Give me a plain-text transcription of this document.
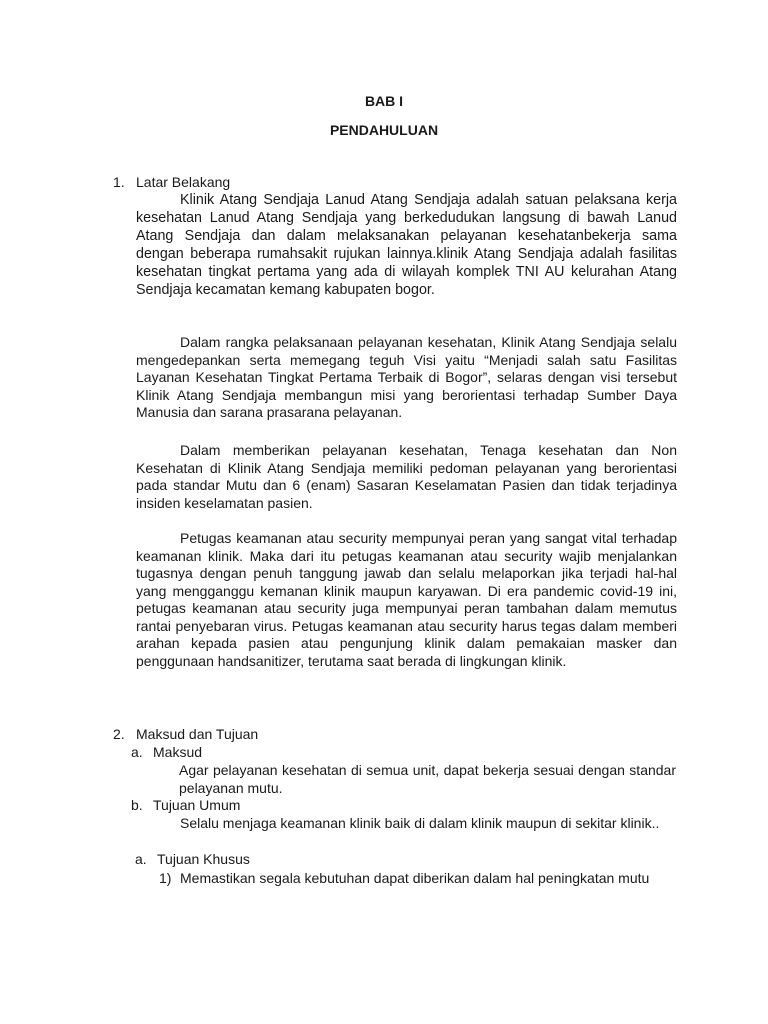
BAB I
PENDAHULUAN
1. Latar Belakang
Klinik Atang Sendjaja Lanud Atang Sendjaja adalah satuan pelaksana kerja kesehatan Lanud Atang Sendjaja yang berkedudukan langsung di bawah Lanud Atang Sendjaja dan dalam melaksanakan pelayanan kesehatanbekerja sama dengan beberapa rumahsakit rujukan lainnya.klinik Atang Sendjaja adalah fasilitas kesehatan tingkat pertama yang ada di wilayah komplek TNI AU kelurahan Atang Sendjaja kecamatan kemang kabupaten bogor.
Dalam rangka pelaksanaan pelayanan kesehatan, Klinik Atang Sendjaja selalu mengedepankan serta memegang teguh Visi yaitu “Menjadi salah satu Fasilitas Layanan Kesehatan Tingkat Pertama Terbaik di Bogor”, selaras dengan visi tersebut Klinik Atang Sendjaja membangun misi yang berorientasi terhadap Sumber Daya Manusia dan sarana prasarana pelayanan.
Dalam memberikan pelayanan kesehatan, Tenaga kesehatan dan Non Kesehatan di Klinik Atang Sendjaja memiliki pedoman pelayanan yang berorientasi pada standar Mutu dan 6 (enam) Sasaran Keselamatan Pasien dan tidak terjadinya insiden keselamatan pasien.
Petugas keamanan atau security mempunyai peran yang sangat vital terhadap keamanan klinik. Maka dari itu petugas keamanan atau security wajib menjalankan tugasnya dengan penuh tanggung jawab dan selalu melaporkan jika terjadi hal-hal yang mengganggu kemanan klinik maupun karyawan. Di era pandemic covid-19 ini, petugas keamanan atau security juga mempunyai peran tambahan dalam memutus rantai penyebaran virus. Petugas keamanan atau security harus tegas dalam memberi arahan kepada pasien atau pengunjung klinik dalam pemakaian masker dan penggunaan handsanitizer, terutama saat berada di lingkungan klinik.
2. Maksud dan Tujuan
a. Maksud
Agar pelayanan kesehatan di semua unit, dapat bekerja sesuai dengan standar pelayanan mutu.
b. Tujuan Umum
Selalu menjaga keamanan klinik baik di dalam klinik maupun di sekitar klinik..
a. Tujuan Khusus
1) Memastikan segala kebutuhan dapat diberikan dalam hal peningkatan mutu
